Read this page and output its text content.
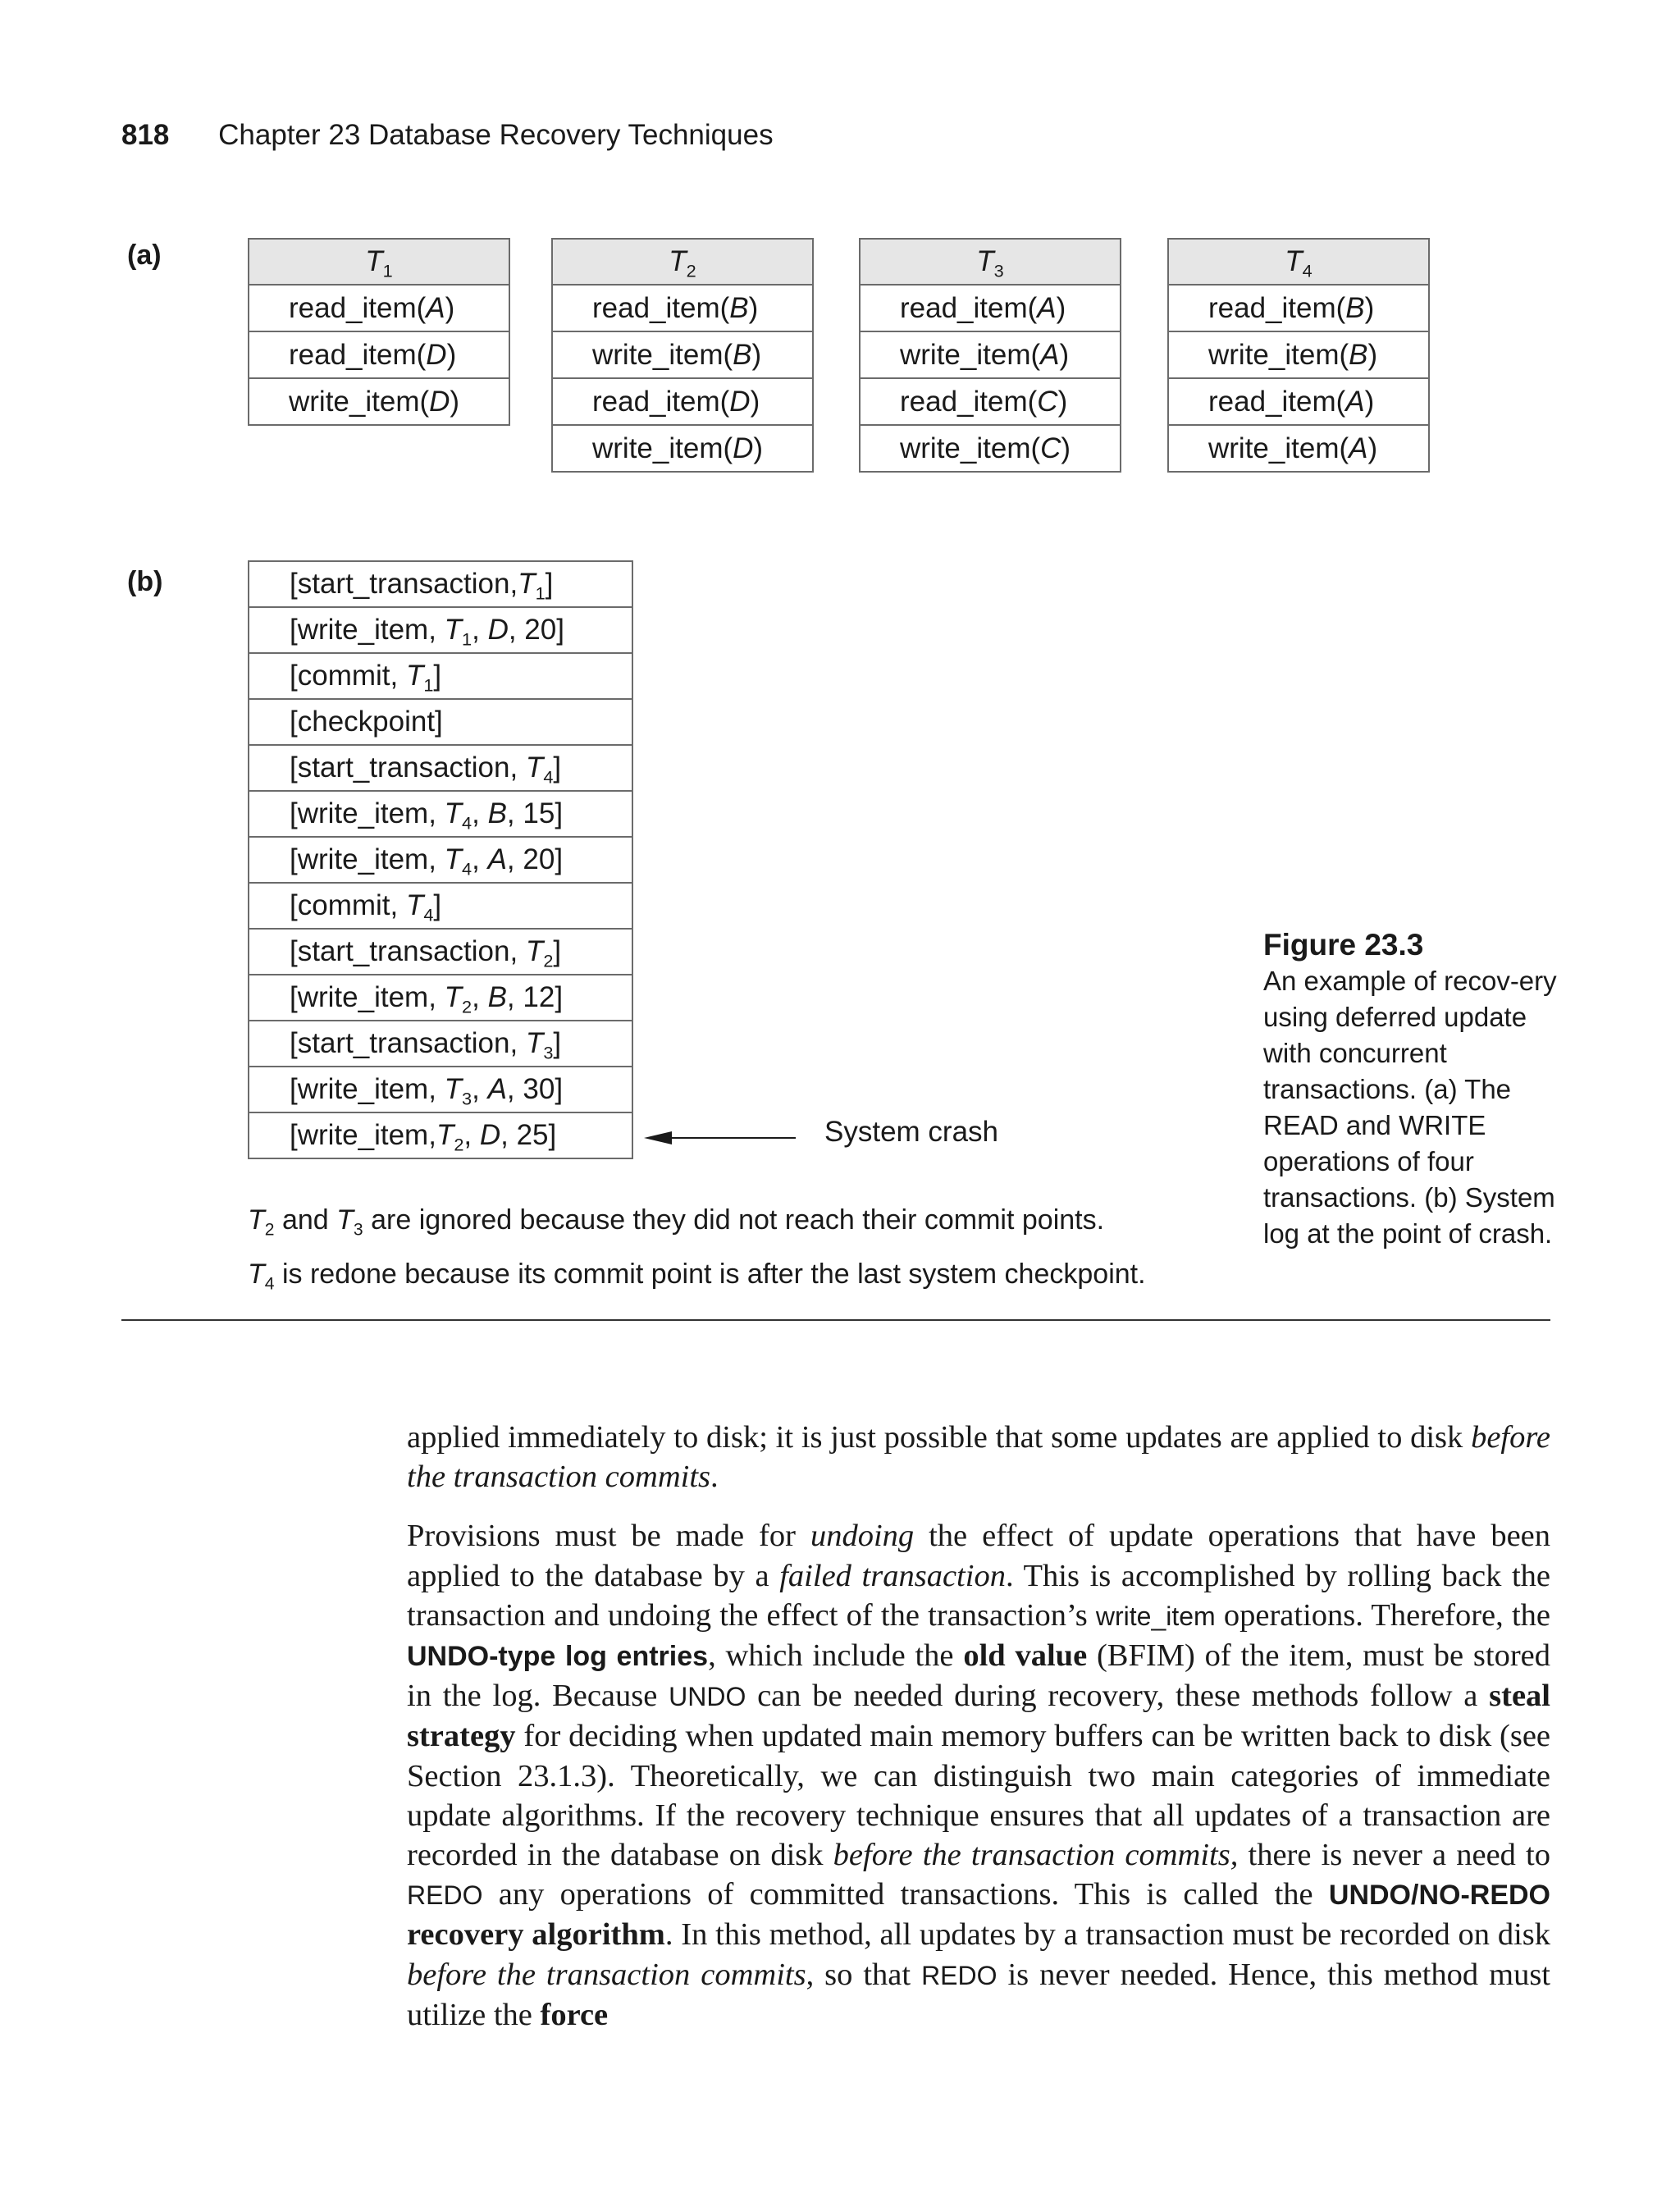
818 Chapter 23 Database Recovery Techniques
(a)
(b)
$T_1$
read_item(A)
read_item(D)
write_item(D)
$T_2$
read_item(B)
write_item(B)
read_item(D)
write_item(D)
$T_3$
read_item(A)
write_item(A)
read_item(C)
write_item(C)
$T_4$
read_item(B)
write_item(B)
read_item(A)
write_item(A)
$[start\_transaction,T_1]$
[write_item, $T_1$, D, 20]
[commit, $T_1$]
[checkpoint]
[start_transaction, $T_4$]
[write_item, $T_4$, B, 15]
[write_item, $T_4$, A, 20]
[commit, $T_4$]
[start_transaction, $T_2$]
[write_item, $T_2$, B, 12]
[start_transaction, $T_3$]
[write_item, $T_3$, A, 30]
[$write\_item,T_2$, D, 25]	System crash
$T_2$ and $T_3$ are ignored because they did not reach their commit points.
$T_4$ is redone because its commit point is after the last system checkpoint.
Figure 23.3
An example of recov-ery using deferred update with concurrent transactions. (a) The READ and WRITE operations of four transactions. (b) System log at the point of crash.

applied immediately to disk; it is just possible that some updates are applied to disk before the transaction commits.

Provisions must be made for undoing the effect of update operations that have been applied to the database by a failed transaction. This is accomplished by rolling back the transaction and undoing the effect of the transaction’s write_item operations. Therefore, the UNDO-type log entries, which include the old value (BFIM) of the item, must be stored in the log. Because UNDO can be needed during recovery, these methods follow a steal strategy for deciding when updated main memory buffers can be written back to disk (see Section 23.1.3). Theoretically, we can distinguish two main categories of immediate update algorithms. If the recovery technique ensures that all updates of a transaction are recorded in the database on disk before the transaction commits, there is never a need to REDO any operations of committed transactions. This is called the UNDO/NO-REDO recovery algorithm. In this method, all updates by a transaction must be recorded on disk before the transaction commits, so that REDO is never needed. Hence, this method must utilize the force
